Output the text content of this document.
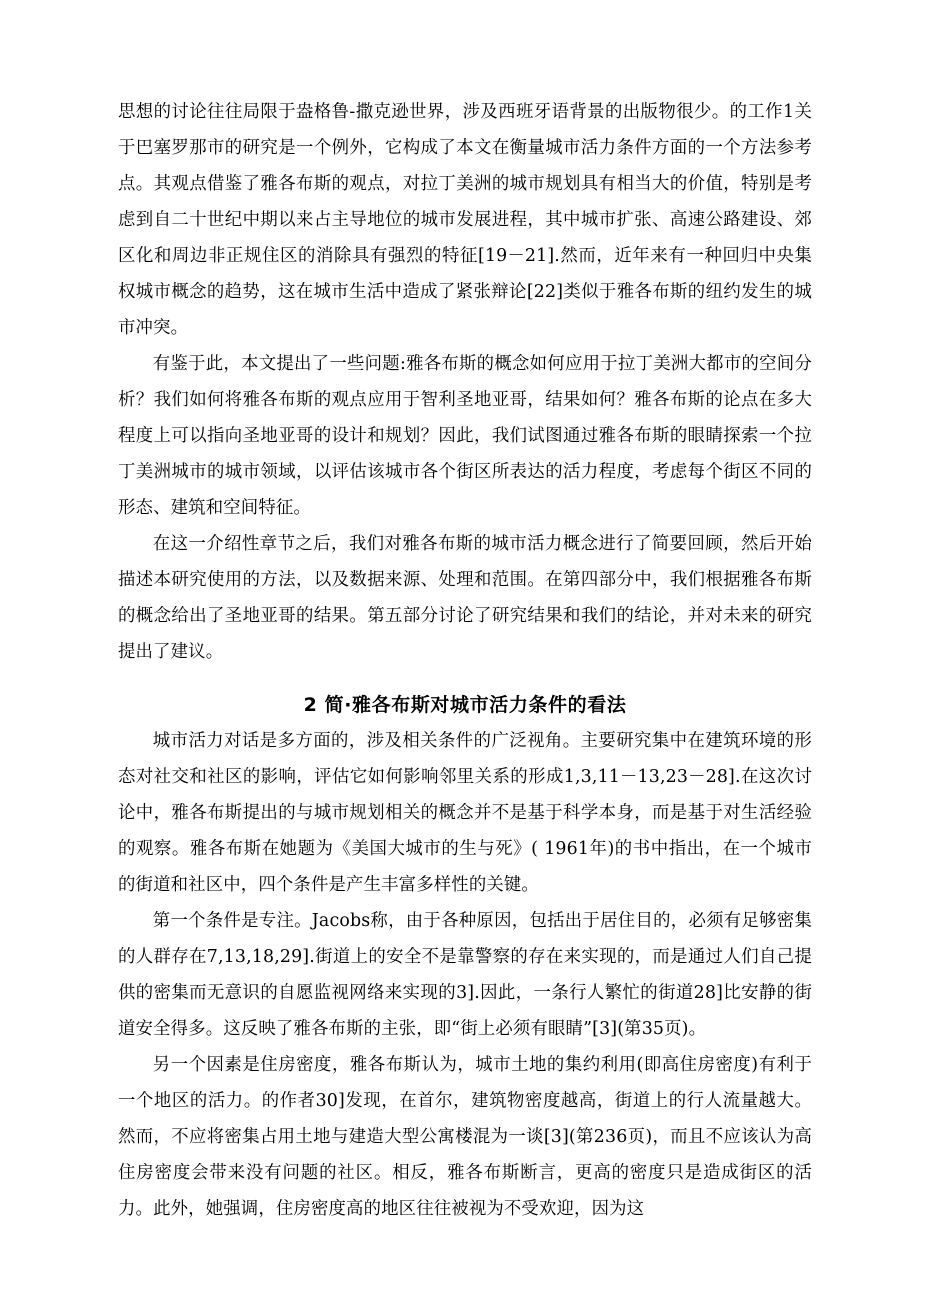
思想的讨论往往局限于盎格鲁-撒克逊世界，涉及西班牙语背景的出版物很少。的工作1关于巴塞罗那市的研究是一个例外，它构成了本文在衡量城市活力条件方面的一个方法参考点。其观点借鉴了雅各布斯的观点，对拉丁美洲的城市规划具有相当大的价值，特别是考虑到自二十世纪中期以来占主导地位的城市发展进程，其中城市扩张、高速公路建设、郊区化和周边非正规住区的消除具有强烈的特征[19－21].然而，近年来有一种回归中央集权城市概念的趋势，这在城市生活中造成了紧张辩论[22]类似于雅各布斯的纽约发生的城市冲突。

有鉴于此，本文提出了一些问题:雅各布斯的概念如何应用于拉丁美洲大都市的空间分析？我们如何将雅各布斯的观点应用于智利圣地亚哥，结果如何？雅各布斯的论点在多大程度上可以指向圣地亚哥的设计和规划？因此，我们试图通过雅各布斯的眼睛探索一个拉丁美洲城市的城市领域，以评估该城市各个街区所表达的活力程度，考虑每个街区不同的形态、建筑和空间特征。

在这一介绍性章节之后，我们对雅各布斯的城市活力概念进行了简要回顾，然后开始描述本研究使用的方法，以及数据来源、处理和范围。在第四部分中，我们根据雅各布斯的概念给出了圣地亚哥的结果。第五部分讨论了研究结果和我们的结论，并对未来的研究提出了建议。

2 简·雅各布斯对城市活力条件的看法

城市活力对话是多方面的，涉及相关条件的广泛视角。主要研究集中在建筑环境的形态对社交和社区的影响，评估它如何影响邻里关系的形成1,3,11－13,23－28].在这次讨论中，雅各布斯提出的与城市规划相关的概念并不是基于科学本身，而是基于对生活经验的观察。雅各布斯在她题为《美国大城市的生与死》( 1961年)的书中指出，在一个城市的街道和社区中，四个条件是产生丰富多样性的关键。

第一个条件是专注。Jacobs称，由于各种原因，包括出于居住目的，必须有足够密集的人群存在7,13,18,29].街道上的安全不是靠警察的存在来实现的，而是通过人们自己提供的密集而无意识的自愿监视网络来实现的3].因此，一条行人繁忙的街道28]比安静的街道安全得多。这反映了雅各布斯的主张，即“街上必须有眼睛”[3](第35页)。

另一个因素是住房密度，雅各布斯认为，城市土地的集约利用(即高住房密度)有利于一个地区的活力。的作者30]发现，在首尔，建筑物密度越高，街道上的行人流量越大。然而，不应将密集占用土地与建造大型公寓楼混为一谈[3](第236页)，而且不应该认为高住房密度会带来没有问题的社区。相反，雅各布斯断言，更高的密度只是造成街区的活力。此外，她强调，住房密度高的地区往往被视为不受欢迎，因为这
